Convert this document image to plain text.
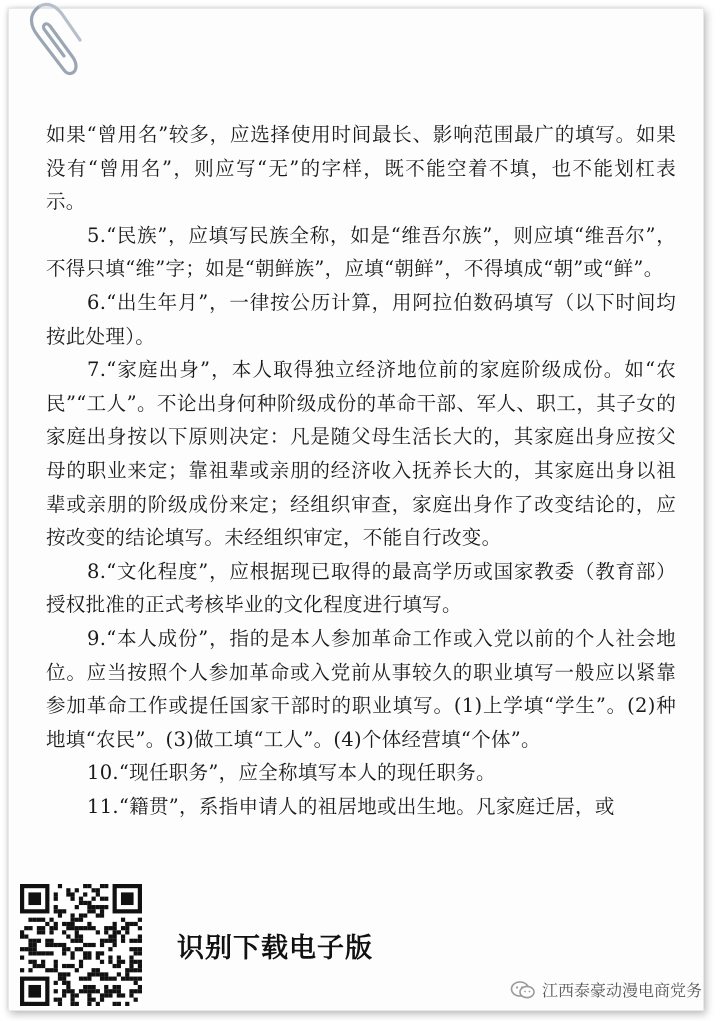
如果“曾用名”较多，应选择使用时间最长、影响范围最广的填写。如果没有“曾用名”，则应写“无”的字样，既不能空着不填，也不能划杠表示。

5.“民族”，应填写民族全称，如是“维吾尔族”，则应填“维吾尔”，不得只填“维”字；如是“朝鲜族”，应填“朝鲜”，不得填成“朝”或“鲜”。

6.“出生年月”，一律按公历计算，用阿拉伯数码填写（以下时间均按此处理）。

7.“家庭出身”，本人取得独立经济地位前的家庭阶级成份。如“农民”“工人”。不论出身何种阶级成份的革命干部、军人、职工，其子女的家庭出身按以下原则决定：凡是随父母生活长大的，其家庭出身应按父母的职业来定；靠祖辈或亲朋的经济收入抚养长大的，其家庭出身以祖辈或亲朋的阶级成份来定；经组织审查，家庭出身作了改变结论的，应按改变的结论填写。未经组织审定，不能自行改变。

8.“文化程度”，应根据现已取得的最高学历或国家教委（教育部）授权批准的正式考核毕业的文化程度进行填写。

9.“本人成份”，指的是本人参加革命工作或入党以前的个人社会地位。应当按照个人参加革命或入党前从事较久的职业填写一般应以紧靠参加革命工作或提任国家干部时的职业填写。(1)上学填“学生”。(2)种地填“农民”。(3)做工填“工人”。(4)个体经营填“个体”。

10.“现任职务”，应全称填写本人的现任职务。

11.“籍贯”，系指申请人的祖居地或出生地。凡家庭迁居，或

识别下载电子版
江西泰豪动漫电商党务
